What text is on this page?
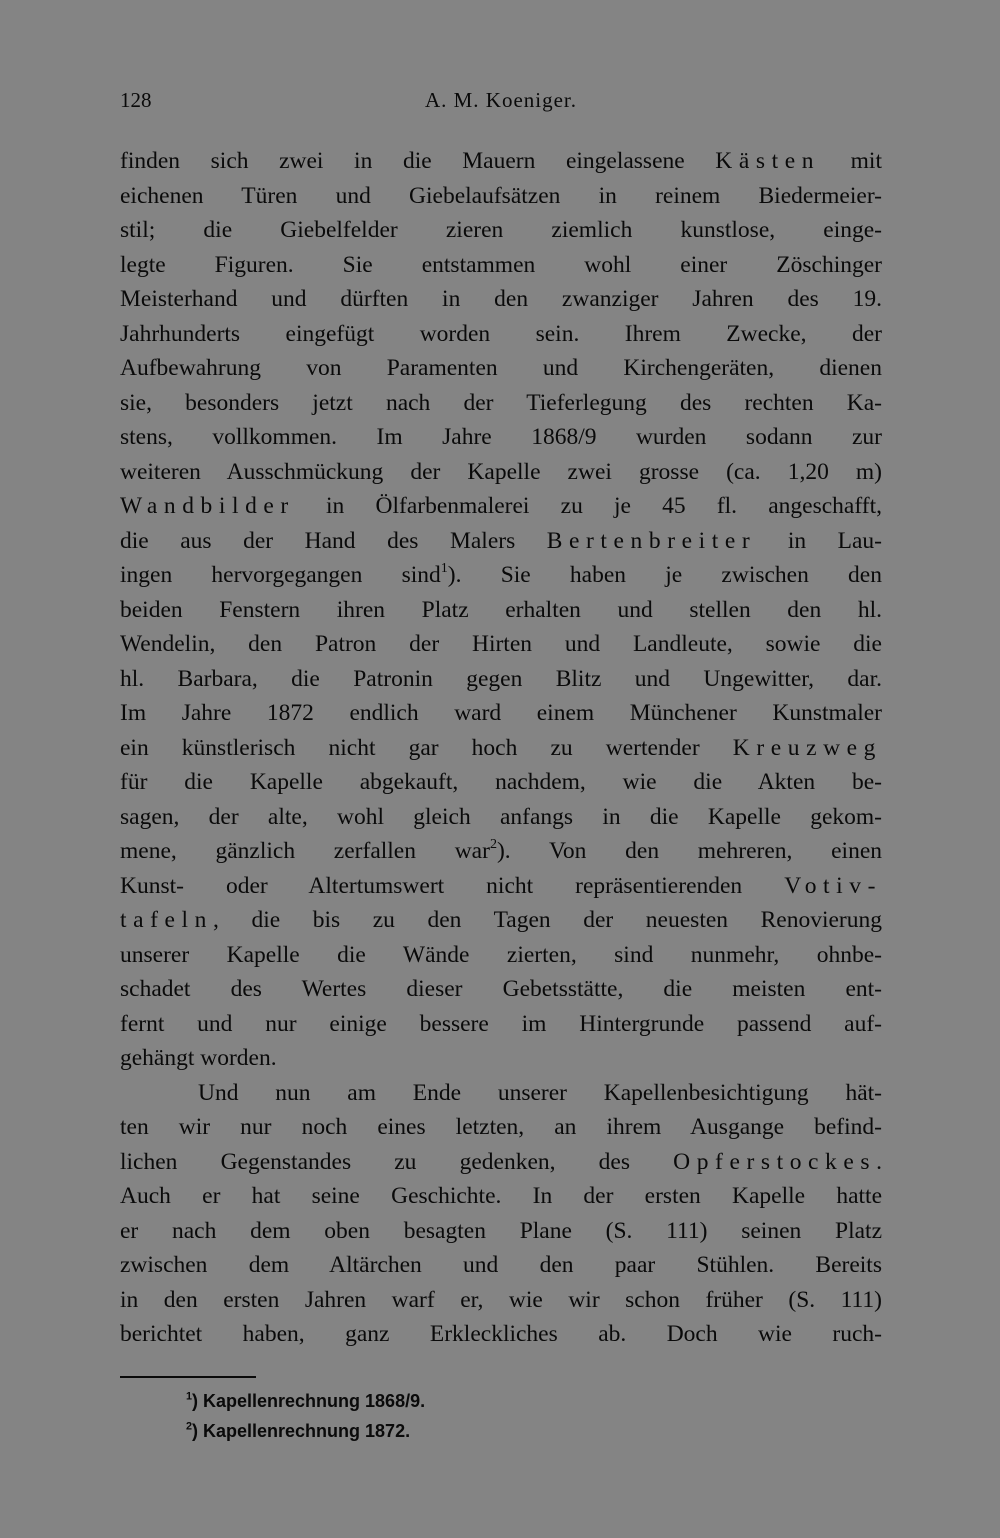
128	A. M. Koeniger.
finden sich zwei in die Mauern eingelassene Kästen mit
eichenen Türen und Giebelaufsätzen in reinem Biedermeier-
stil; die Giebelfelder zieren ziemlich kunstlose, einge-
legte Figuren. Sie entstammen wohl einer Zöschinger
Meisterhand und dürften in den zwanziger Jahren des 19.
Jahrhunderts eingefügt worden sein. Ihrem Zwecke, der
Aufbewahrung von Paramenten und Kirchengeräten, dienen
sie, besonders jetzt nach der Tieferlegung des rechten Ka-
stens, vollkommen. Im Jahre 1868/9 wurden sodann zur
weiteren Ausschmückung der Kapelle zwei grosse (ca. 1,20 m)
Wandbilder in Ölfarbenmalerei zu je 45 fl. angeschafft,
die aus der Hand des Malers Bertenbreiter in Lau-
ingen hervorgegangen sind$^1$). Sie haben je zwischen den
beiden Fenstern ihren Platz erhalten und stellen den hl.
Wendelin, den Patron der Hirten und Landleute, sowie die
hl. Barbara, die Patronin gegen Blitz und Ungewitter, dar.
Im Jahre 1872 endlich ward einem Münchener Kunstmaler
ein künstlerisch nicht gar hoch zu wertender Kreuzweg
für die Kapelle abgekauft, nachdem, wie die Akten be-
sagen, der alte, wohl gleich anfangs in die Kapelle gekom-
mene, gänzlich zerfallen war$^2$). Von den mehreren, einen
Kunst- oder Altertumswert nicht repräsentierenden Votiv-
tafeln, die bis zu den Tagen der neuesten Renovierung
unserer Kapelle die Wände zierten, sind nunmehr, ohnbe-
schadet des Wertes dieser Gebetsstätte, die meisten ent-
fernt und nur einige bessere im Hintergrunde passend auf-
gehängt worden.
Und nun am Ende unserer Kapellenbesichtigung hät-
ten wir nur noch eines letzten, an ihrem Ausgange befind-
lichen Gegenstandes zu gedenken, des Opferstockes.
Auch er hat seine Geschichte. In der ersten Kapelle hatte
er nach dem oben besagten Plane (S. 111) seinen Platz
zwischen dem Altärchen und den paar Stühlen. Bereits
in den ersten Jahren warf er, wie wir schon früher (S. 111)
berichtet haben, ganz Erkleckliches ab. Doch wie ruch-
$^1$) Kapellenrechnung 1868/9.
$^2$) Kapellenrechnung 1872.
